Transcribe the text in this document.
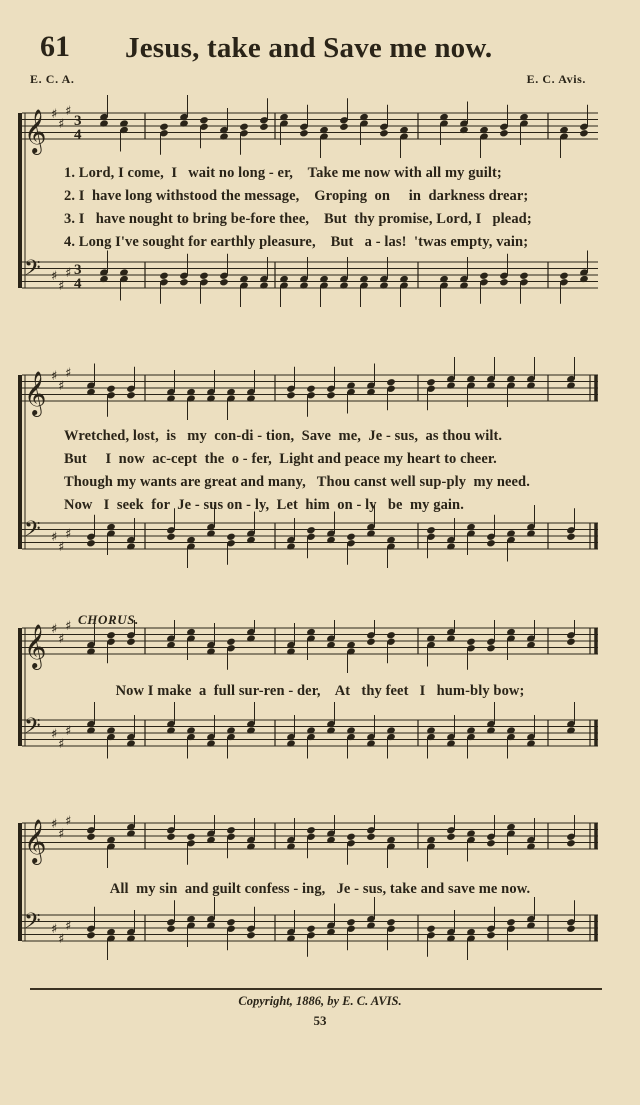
61 Jesus, take and Save me now.
E. C. A.	E. C. Avis.
𝄞 ♯
♯
♯
3
4
𝄢 ♯
♯
♯ 3
4
1. Lord, I come,  I   wait no long - er,    Take me now with all my guilt;
2. I  have long withstood the message,    Groping  on     in  darkness drear;
3. I   have nought to bring be-fore thee,    But  thy promise, Lord, I   plead;
4. Long I've sought for earthly pleasure,    But   a - las!  'twas empty, vain;
𝄞 ♯
♯
♯
𝄢 ♯
♯
♯
Wretched, lost,  is   my  con-di - tion,  Save  me,  Je - sus,  as thou wilt.
But     I  now  ac-cept  the  o - fer,  Light and peace my heart to cheer.
Though my wants are great and many,   Thou canst well sup-ply  my need.
Now   I  seek  for  Je - sus on - ly,  Let  him  on - ly   be  my gain.
CHORUS.
𝄞 ♯
♯
♯
𝄢 ♯
♯
♯
Now I make  a  full sur-ren - der,    At   thy feet   I   hum-bly bow;
𝄞 ♯
♯
♯
𝄢 ♯
♯
♯
All  my sin  and guilt confess - ing,   Je - sus, take and save me now.
Copyright, 1886, by E. C. AVIS.
53
